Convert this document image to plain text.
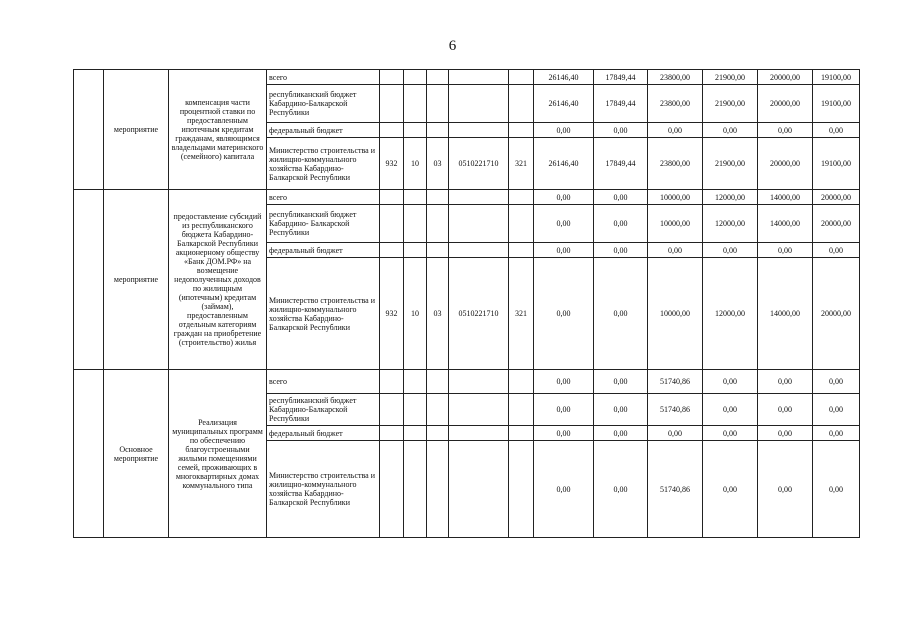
6
	мероприятие	компенсация части процентной ставки по предоставленным ипотечным кредитам гражданам, являющимся владельцами материнского (семейного) капитала	всего						26146,40	17849,44	23800,00	21900,00	20000,00	19100,00
			республиканский бюджет Кабардино-Балкарской Республики						26146,40	17849,44	23800,00	21900,00	20000,00	19100,00
			федеральный бюджет						0,00	0,00	0,00	0,00	0,00	0,00
			Министерство строительства и жилищно-коммунального хозяйства Кабардино-Балкарской Республики	932	10	03	0510221710	321	26146,40	17849,44	23800,00	21900,00	20000,00	19100,00
	мероприятие	предоставление субсидий из республиканского бюджета Кабардино-Балкарской Республики акционерному обществу «Банк ДОМ.РФ» на возмещение недополученных доходов по жилищным (ипотечным) кредитам (займам), предоставленным отдельным категориям граждан на приобретение (строительство) жилья	всего						0,00	0,00	10000,00	12000,00	14000,00	20000,00
			республиканский бюджет Кабардино- Балкарской Республики						0,00	0,00	10000,00	12000,00	14000,00	20000,00
			федеральный бюджет						0,00	0,00	0,00	0,00	0,00	0,00
			Министерство строительства и жилищно-коммунального хозяйства Кабардино-Балкарской Республики	932	10	03	0510221710	321	0,00	0,00	10000,00	12000,00	14000,00	20000,00
	Основное мероприятие	Реализация муниципальных программ по обеспечению благоустроенными жилыми помещениями семей, проживающих в многоквартирных домах коммунального типа	всего						0,00	0,00	51740,86	0,00	0,00	0,00
			республиканский бюджет Кабардино-Балкарской Республики						0,00	0,00	51740,86	0,00	0,00	0,00
			федеральный бюджет						0,00	0,00	0,00	0,00	0,00	0,00
			Министерство строительства и жилищно-коммунального хозяйства Кабардино-Балкарской Республики						0,00	0,00	51740,86	0,00	0,00	0,00
